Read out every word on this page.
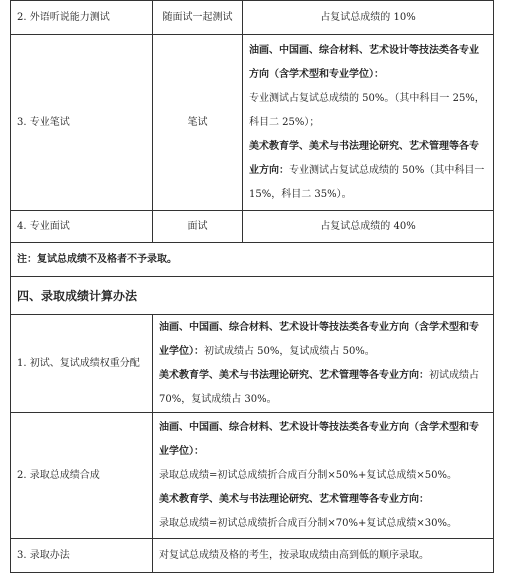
2. 外语听说能力测试	随面试一起测试	占复试总成绩的 10%
3. 专业笔试	笔试	油画、中国画、综合材料、艺术设计等技法类各专业方向（含学术型和专业学位）：

专业测试占复试总成绩的 50%。（其中科目一 25%，科目二 25%）；

美术教育学、美术与书法理论研究、艺术管理等各专业方向：专业测试占复试总成绩的 50%（其中科目一 15%，科目二 35%）。

4. 专业面试	面试	占复试总成绩的 40%
注：复试总成绩不及格者不予录取。		
四、录取成绩计算办法		
1. 初试、复试成绩权重分配	油画、中国画、综合材料、艺术设计等技法类各专业方向（含学术型和专业学位）：初试成绩占 50%，复试成绩占 50%。

美术教育学、美术与书法理论研究、艺术管理等各专业方向：初试成绩占 70%，复试成绩占 30%。	

2. 录取总成绩合成	油画、中国画、综合材料、艺术设计等技法类各专业方向（含学术型和专业学位）：

录取总成绩=初试总成绩折合成百分制×50%+复试总成绩×50%。

美术教育学、美术与书法理论研究、艺术管理等各专业方向：

录取总成绩=初试总成绩折合成百分制×70%+复试总成绩×30%。	

3. 录取办法	对复试总成绩及格的考生，按录取成绩由高到低的顺序录取。	
